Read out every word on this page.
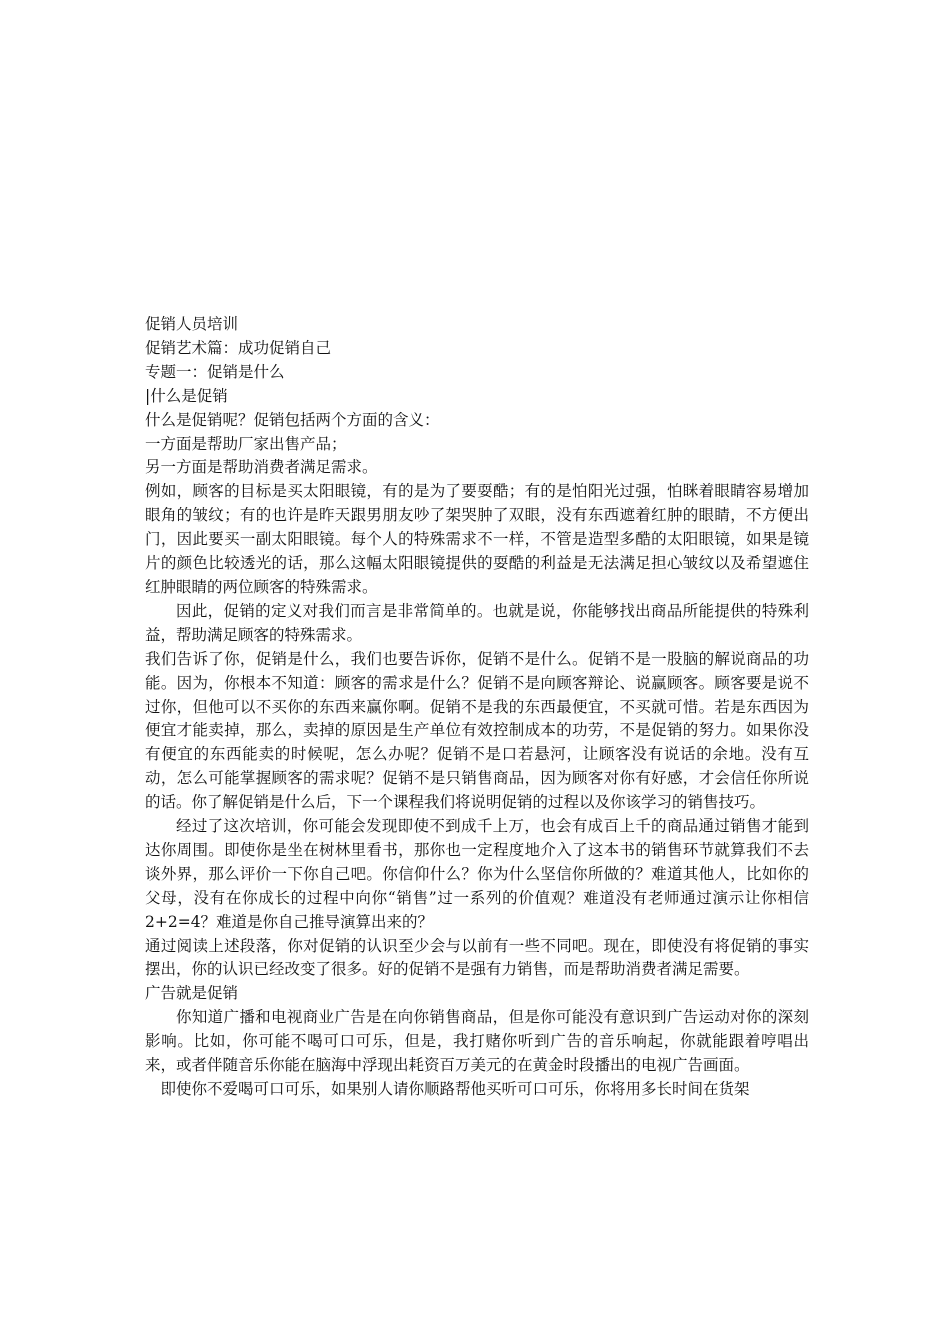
促销人员培训

促销艺术篇：成功促销自己

专题一：促销是什么

|什么是促销

什么是促销呢？促销包括两个方面的含义：

一方面是帮助厂家出售产品；

另一方面是帮助消费者满足需求。

例如，顾客的目标是买太阳眼镜，有的是为了要耍酷；有的是怕阳光过强，怕眯着眼睛容易增加眼角的皱纹；有的也许是昨天跟男朋友吵了架哭肿了双眼，没有东西遮着红肿的眼睛，不方便出门，因此要买一副太阳眼镜。每个人的特殊需求不一样，不管是造型多酷的太阳眼镜，如果是镜片的颜色比较透光的话，那么这幅太阳眼镜提供的耍酷的利益是无法满足担心皱纹以及希望遮住红肿眼睛的两位顾客的特殊需求。

因此，促销的定义对我们而言是非常简单的。也就是说，你能够找出商品所能提供的特殊利益，帮助满足顾客的特殊需求。

我们告诉了你，促销是什么，我们也要告诉你，促销不是什么。促销不是一股脑的解说商品的功能。因为，你根本不知道：顾客的需求是什么？促销不是向顾客辩论、说赢顾客。顾客要是说不过你，但他可以不买你的东西来赢你啊。促销不是我的东西最便宜，不买就可惜。若是东西因为便宜才能卖掉，那么，卖掉的原因是生产单位有效控制成本的功劳，不是促销的努力。如果你没有便宜的东西能卖的时候呢，怎么办呢？促销不是口若悬河，让顾客没有说话的余地。没有互动，怎么可能掌握顾客的需求呢？促销不是只销售商品，因为顾客对你有好感，才会信任你所说的话。你了解促销是什么后，下一个课程我们将说明促销的过程以及你该学习的销售技巧。

经过了这次培训，你可能会发现即使不到成千上万，也会有成百上千的商品通过销售才能到达你周围。即使你是坐在树林里看书，那你也一定程度地介入了这本书的销售环节就算我们不去谈外界，那么评价一下你自己吧。你信仰什么？你为什么坚信你所做的？难道其他人，比如你的父母，没有在你成长的过程中向你“销售”过一系列的价值观？难道没有老师通过演示让你相信 2+2=4？难道是你自己推导演算出来的？

通过阅读上述段落，你对促销的认识至少会与以前有一些不同吧。现在，即使没有将促销的事实摆出，你的认识已经改变了很多。好的促销不是强有力销售，而是帮助消费者满足需要。

广告就是促销

你知道广播和电视商业广告是在向你销售商品，但是你可能没有意识到广告运动对你的深刻影响。比如，你可能不喝可口可乐，但是，我打赌你听到广告的音乐响起，你就能跟着哼唱出来，或者伴随音乐你能在脑海中浮现出耗资百万美元的在黄金时段播出的电视广告画面。

即使你不爱喝可口可乐，如果别人请你顺路帮他买听可口可乐，你将用多长时间在货架
